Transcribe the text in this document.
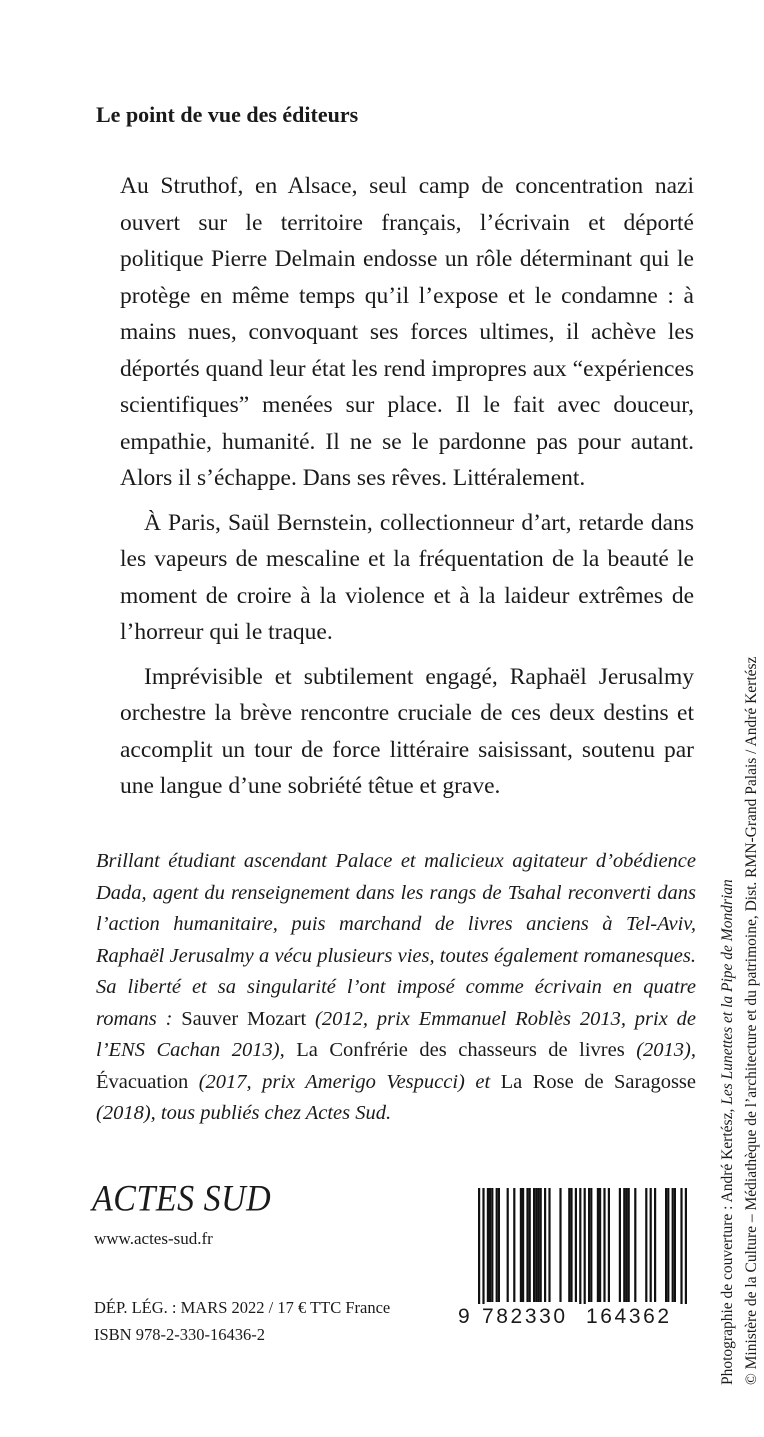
Le point de vue des éditeurs

Au Struthof, en Alsace, seul camp de concentration nazi ouvert sur le territoire français, l’écrivain et déporté politique Pierre Delmain endosse un rôle déterminant qui le protège en même temps qu’il l’expose et le condamne : à mains nues, convoquant ses forces ultimes, il achève les déportés quand leur état les rend impropres aux “expériences scientifiques” menées sur place. Il le fait avec douceur, empathie, humanité. Il ne se le pardonne pas pour autant. Alors il s’échappe. Dans ses rêves. Littéralement.

À Paris, Saül Bernstein, collectionneur d’art, retarde dans les vapeurs de mescaline et la fréquentation de la beauté le moment de croire à la violence et à la laideur extrêmes de l’horreur qui le traque.

Imprévisible et subtilement engagé, Raphaël Jerusalmy orchestre la brève rencontre cruciale de ces deux destins et accomplit un tour de force littéraire saisissant, soutenu par une langue d’une sobriété têtue et grave.

Brillant étudiant ascendant Palace et malicieux agitateur d’obédience Dada, agent du renseignement dans les rangs de Tsahal reconverti dans l’action humanitaire, puis marchand de livres anciens à Tel-Aviv, Raphaël Jerusalmy a vécu plusieurs vies, toutes également romanesques. Sa liberté et sa singularité l’ont imposé comme écrivain en quatre romans : Sauver Mozart (2012, prix Emmanuel Roblès 2013, prix de l’ENS Cachan 2013), La Confrérie des chasseurs de livres (2013), Évacuation (2017, prix Amerigo Vespucci) et La Rose de Saragosse (2018), tous publiés chez Actes Sud.

ACTES SUD
www.actes-sud.fr
DÉP. LÉG. : MARS 2022 / 17 € TTC France
ISBN 978-2-330-16436-2
9 782330 164362	Photographie de couverture : André Kertész, Les Lunettes et la Pipe de Mondrian © Ministère de la Culture – Médiathèque de l’architecture et du patrimoine, Dist. RMN-Grand Palais / André Kertész
